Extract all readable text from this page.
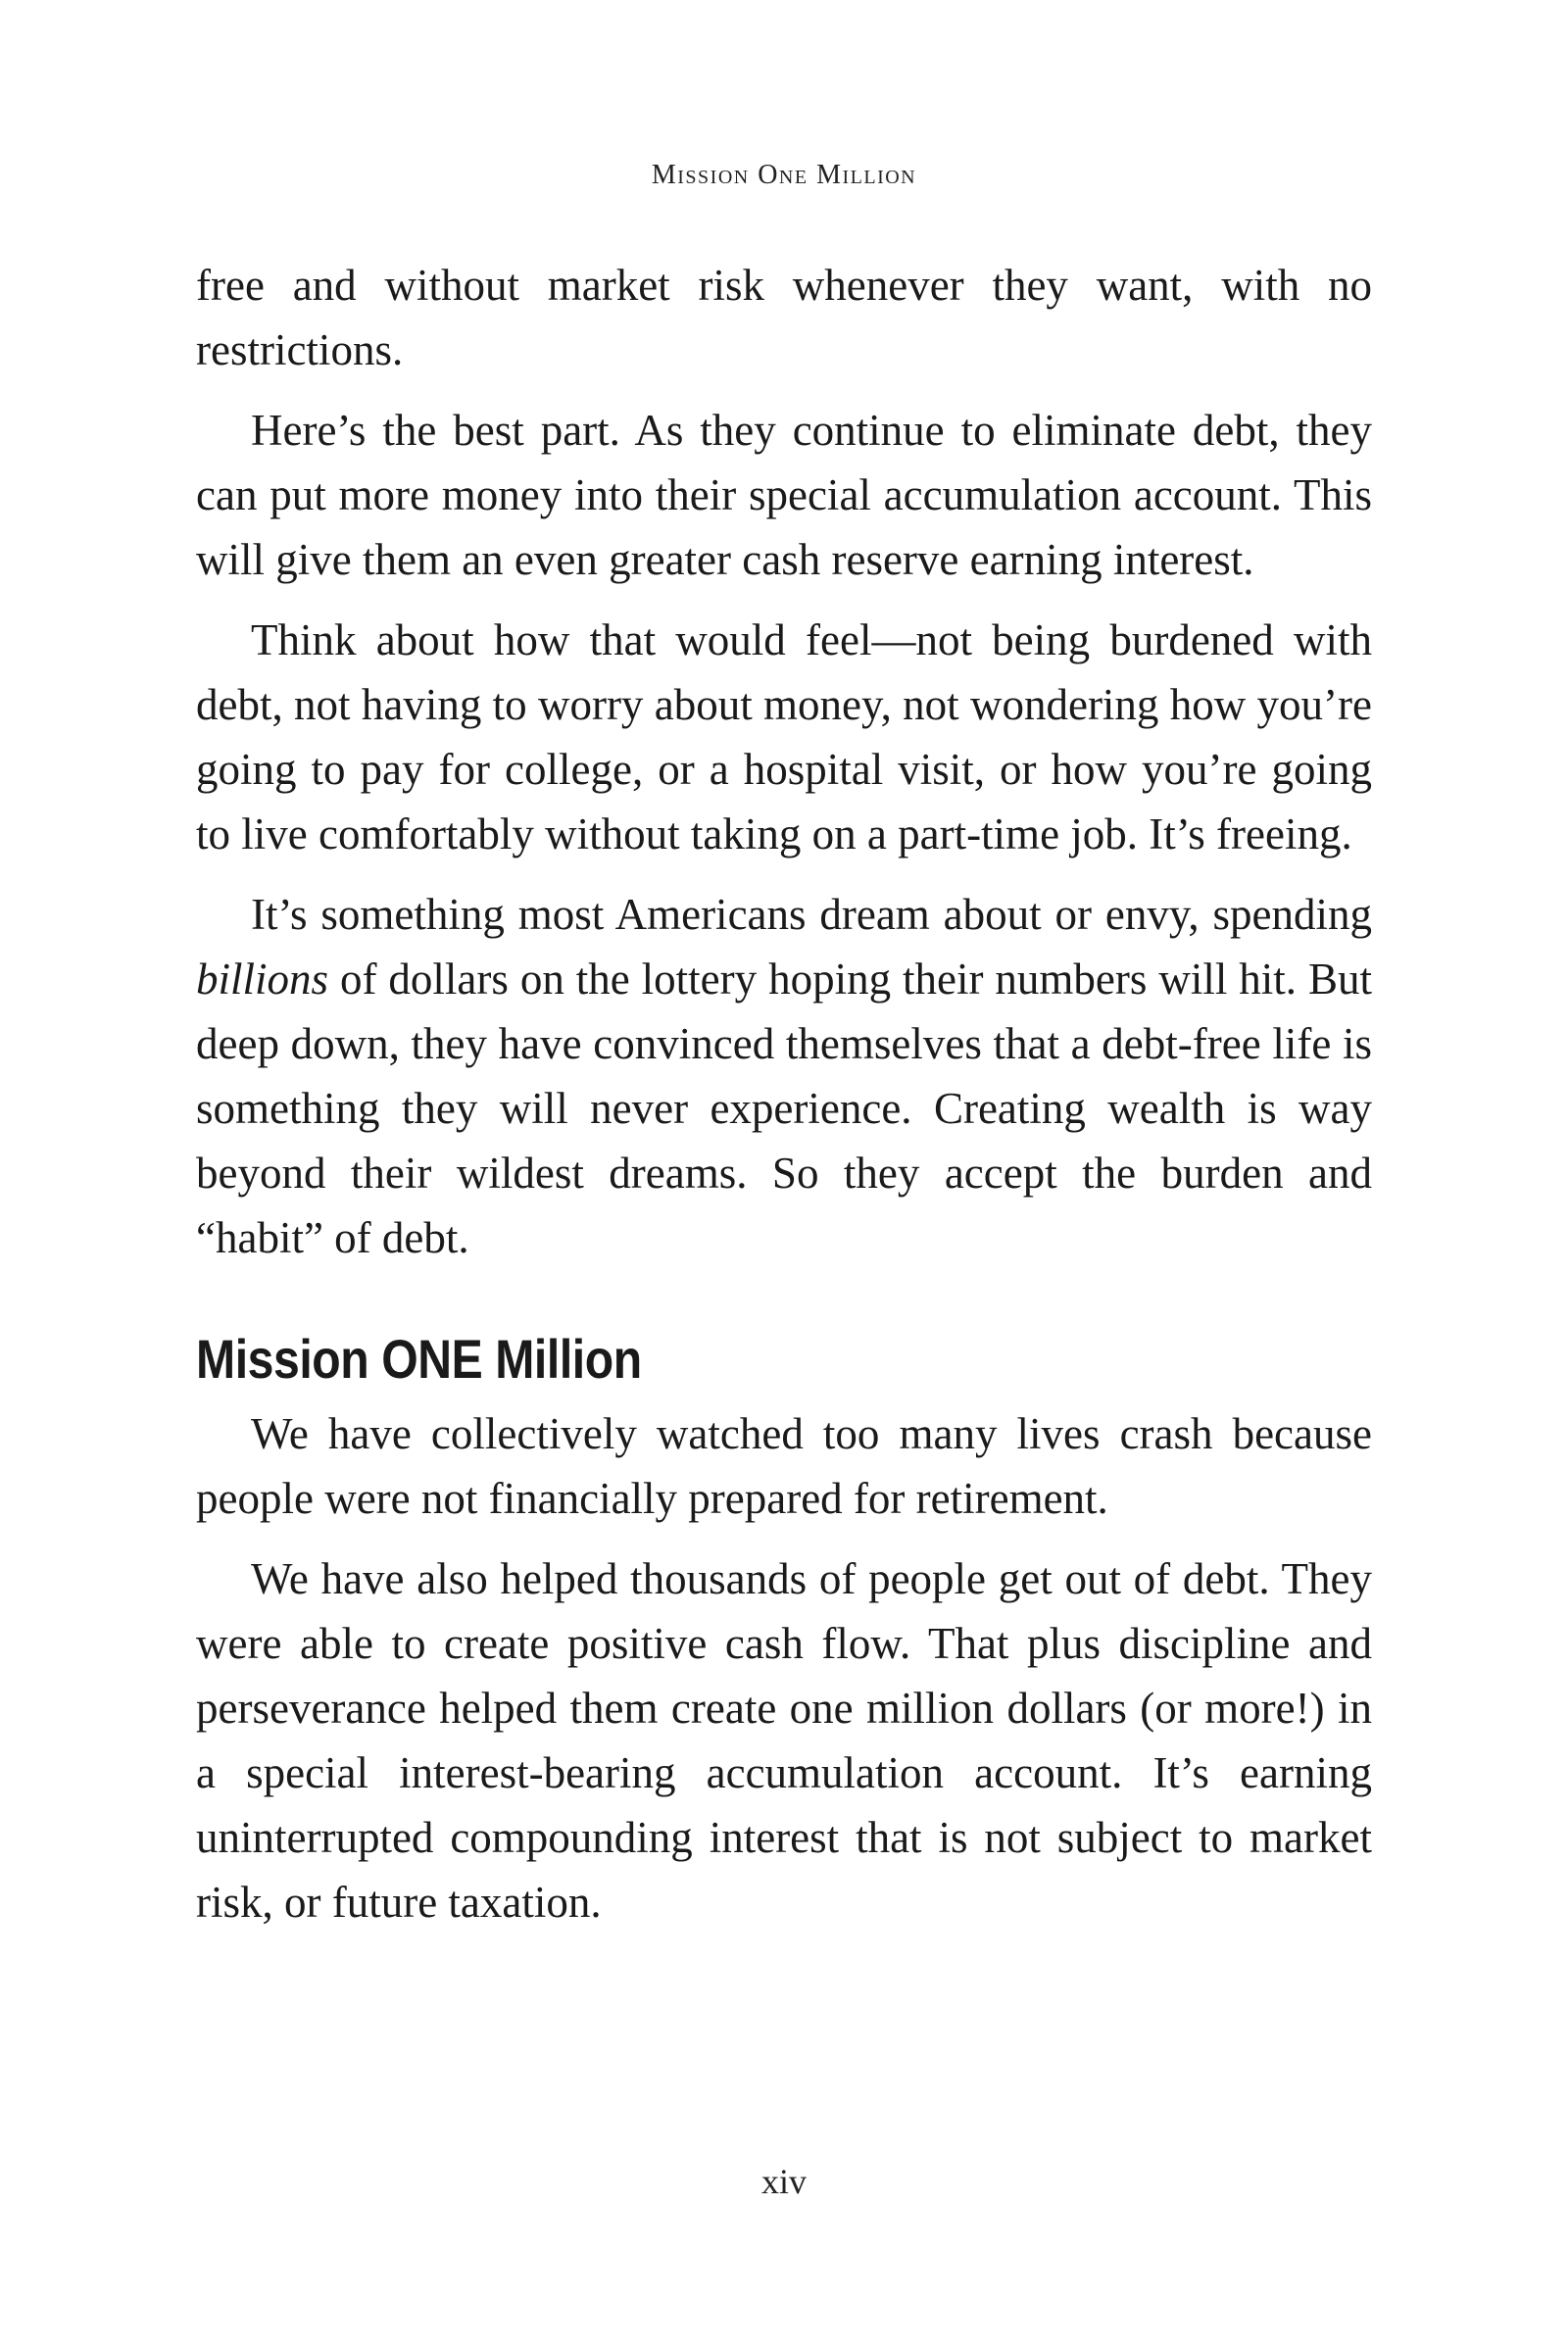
Mission One Million

free and without market risk whenever they want, with no restrictions.

Here’s the best part. As they continue to eliminate debt, they can put more money into their special accumulation account. This will give them an even greater cash reserve earning interest.

Think about how that would feel—not being burdened with debt, not having to worry about money, not wondering how you’re going to pay for college, or a hospital visit, or how you’re going to live comfortably without taking on a part-time job. It’s freeing.

It’s something most Americans dream about or envy, spending billions of dollars on the lottery hoping their numbers will hit. But deep down, they have convinced themselves that a debt-free life is something they will never experience. Creating wealth is way beyond their wildest dreams. So they accept the burden and “habit” of debt.

Mission ONE Million

We have collectively watched too many lives crash because people were not financially prepared for retirement.

We have also helped thousands of people get out of debt. They were able to create positive cash flow. That plus discipline and perseverance helped them create one million dollars (or more!) in a special interest-bearing accumulation account. It’s earning uninterrupted compounding interest that is not subject to market risk, or future taxation.

xiv
